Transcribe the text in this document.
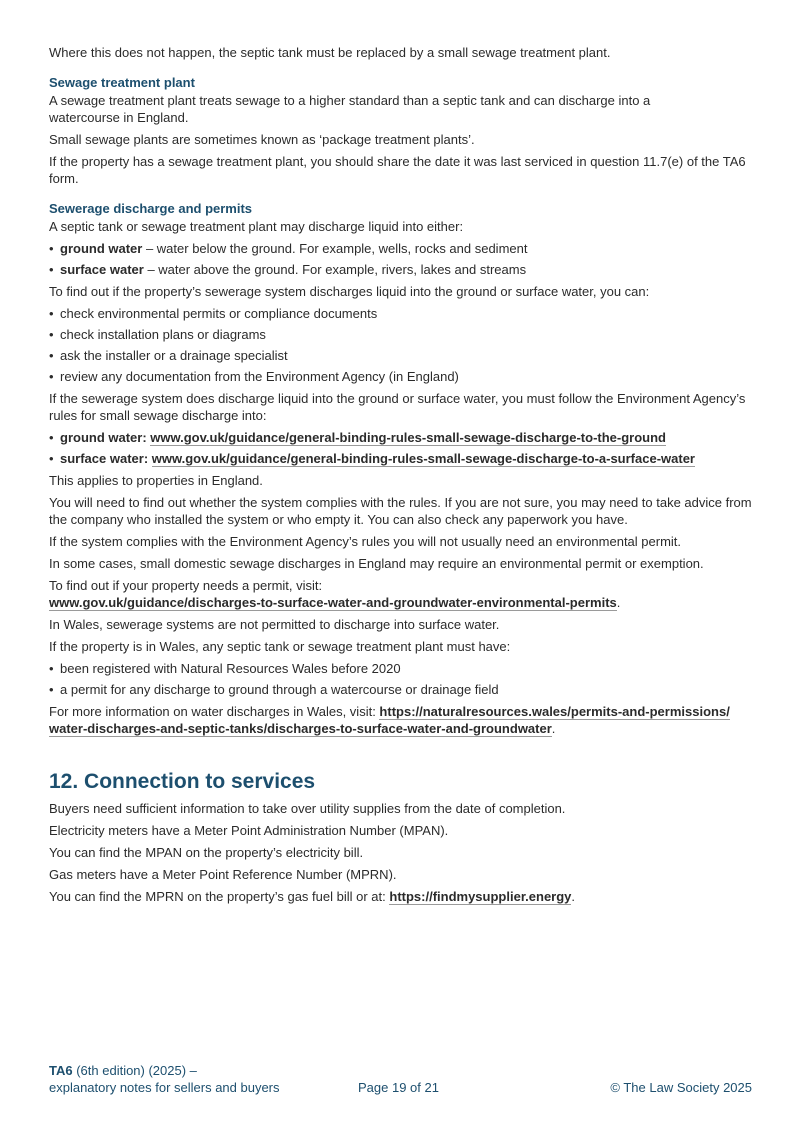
Where this does not happen, the septic tank must be replaced by a small sewage treatment plant.

Sewage treatment plant

A sewage treatment plant treats sewage to a higher standard than a septic tank and can discharge into a watercourse in England.

Small sewage plants are sometimes known as ‘package treatment plants’.

If the property has a sewage treatment plant, you should share the date it was last serviced in question 11.7(e) of the TA6 form.

Sewerage discharge and permits

A septic tank or sewage treatment plant may discharge liquid into either:

• ground water – water below the ground. For example, wells, rocks and sediment
• surface water – water above the ground. For example, rivers, lakes and streams

To find out if the property’s sewerage system discharges liquid into the ground or surface water, you can:

• check environmental permits or compliance documents
• check installation plans or diagrams
• ask the installer or a drainage specialist
• review any documentation from the Environment Agency (in England)

If the sewerage system does discharge liquid into the ground or surface water, you must follow the Environment Agency’s rules for small sewage discharge into:

• ground water: www.gov.uk/guidance/general-binding-rules-small-sewage-discharge-to-the-ground
• surface water: www.gov.uk/guidance/general-binding-rules-small-sewage-discharge-to-a-surface-water

This applies to properties in England.

You will need to find out whether the system complies with the rules. If you are not sure, you may need to take advice from the company who installed the system or who empty it. You can also check any paperwork you have.

If the system complies with the Environment Agency’s rules you will not usually need an environmental permit.

In some cases, small domestic sewage discharges in England may require an environmental permit or exemption.

To find out if your property needs a permit, visit:
www.gov.uk/guidance/discharges-to-surface-water-and-groundwater-environmental-permits.

In Wales, sewerage systems are not permitted to discharge into surface water.

If the property is in Wales, any septic tank or sewage treatment plant must have:

• been registered with Natural Resources Wales before 2020
• a permit for any discharge to ground through a watercourse or drainage field

For more information on water discharges in Wales, visit: https://naturalresources.wales/permits-and-permissions/
water-discharges-and-septic-tanks/discharges-to-surface-water-and-groundwater.

12. Connection to services

Buyers need sufficient information to take over utility supplies from the date of completion.

Electricity meters have a Meter Point Administration Number (MPAN).

You can find the MPAN on the property’s electricity bill.

Gas meters have a Meter Point Reference Number (MPRN).

You can find the MPRN on the property’s gas fuel bill or at: https://findmysupplier.energy.

TA6 (6th edition) (2025) –
explanatory notes for sellers and buyers	Page 19 of 21	© The Law Society 2025
